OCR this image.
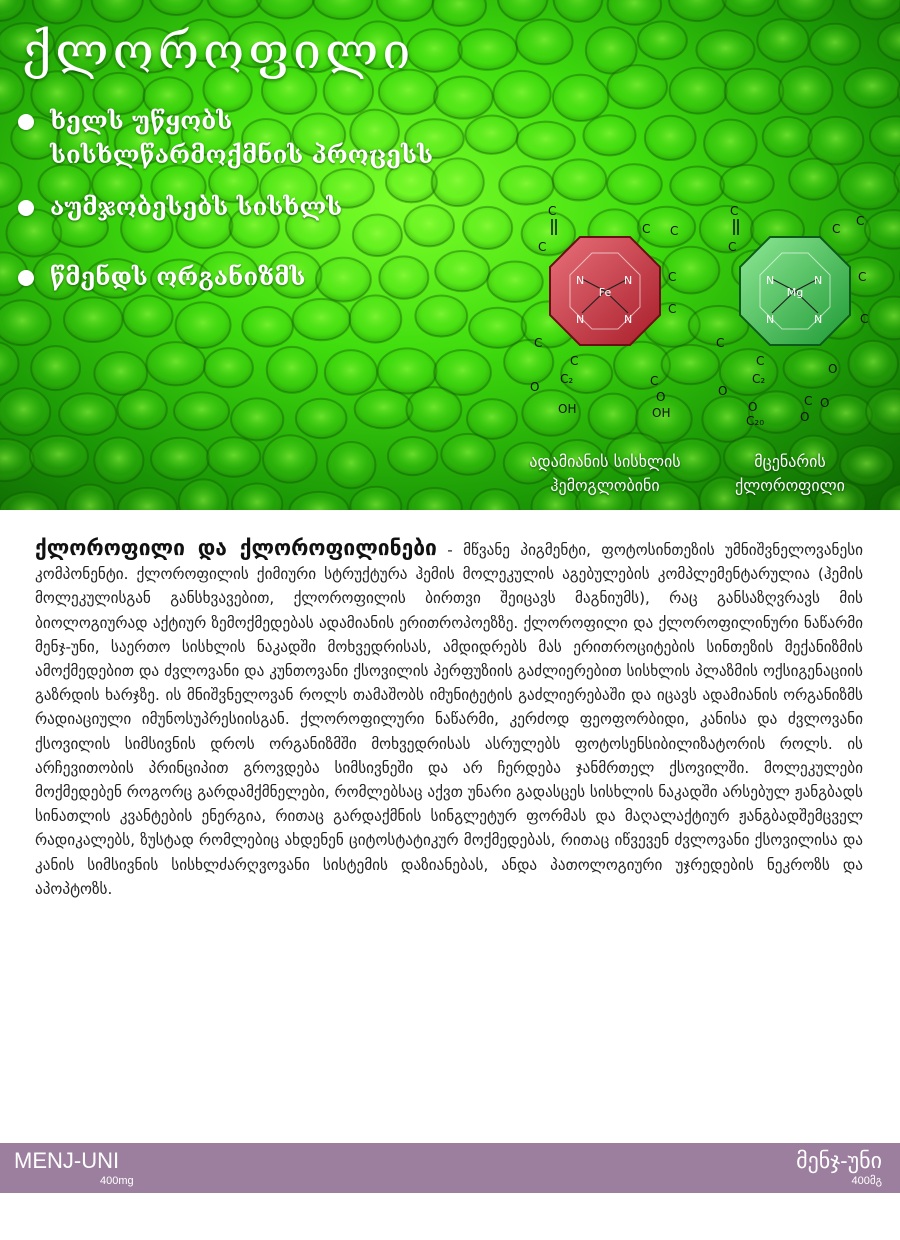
ქლოროფილი
ხელს უწყობს
სისხლწარმოქმნის პროცესს
აუმჯობესებს სისხლს
წმენდს ორგანიზმს	N	N
N	N
Fe
C
C
C C
C
C
C
C
C₂
O
OH
C
O
OH
N	N
N	N
Mg
C
C
C
C
C
C
C
C
C₂
O
O
C₂₀
O
C O
O
ადამიანის სისხლის
ჰემოგლობინი
მცენარის
ქლოროფილი

ქლოროფილი და ქლოროფილინები - მწვანე პიგმენტი, ფოტოსინთეზის უმნიშვნელოვანესი კომპონენტი. ქლოროფილის ქიმიური სტრუქტურა ჰემის მოლეკულის აგებულების კომპლემენტარულია (ჰემის მოლეკულისგან განსხვავებით, ქლოროფილის ბირთვი შეიცავს მაგნიუმს), რაც განსაზღვრავს მის ბიოლოგიურად აქტიურ ზემოქმედებას ადამიანის ერითროპოეზზე. ქლოროფილი და ქლოროფილინური ნაწარმი მენჯ-უნი, საერთო სისხლის ნაკადში მოხვედრისას, ამდიდრებს მას ერითროციტების სინთეზის მექანიზმის ამოქმედებით და ძვლოვანი და კუნთოვანი ქსოვილის პერფუზიის გაძლიერებით სისხლის პლაზმის ოქსიგენაციის გაზრდის ხარჯზე. ის მნიშვნელოვან როლს თამაშობს იმუნიტეტის გაძლიერებაში და იცავს ადამიანის ორგანიზმს რადიაციული იმუნოსუპრესიისგან. ქლოროფილური ნაწარმი, კერძოდ ფეოფორბიდი, კანისა და ძვლოვანი ქსოვილის სიმსივნის დროს ორგანიზმში მოხვედრისას ასრულებს ფოტოსენსიბილიზატორის როლს. ის არჩევითობის პრინციპით გროვდება სიმსივნეში და არ ჩერდება ჯანმრთელ ქსოვილში. მოლეკულები მოქმედებენ როგორც გარდამქმნელები, რომლებსაც აქვთ უნარი გადასცეს სისხლის ნაკადში არსებულ ჟანგბადს სინათლის კვანტების ენერგია, რითაც გარდაქმნის სინგლეტურ ფორმას და მაღალაქტიურ ჟანგბადშემცველ რადიკალებს, ზუსტად რომლებიც ახდენენ ციტოსტატიკურ მოქმედებას, რითაც იწვევენ ძვლოვანი ქსოვილისა და კანის სიმსივნის სისხლძარღვოვანი სისტემის დაზიანებას, ანდა პათოლოგიური უჯრედების ნეკროზს და აპოპტოზს.

MENJ-UNI
400mg
მენჯ-უნი
400მგ
